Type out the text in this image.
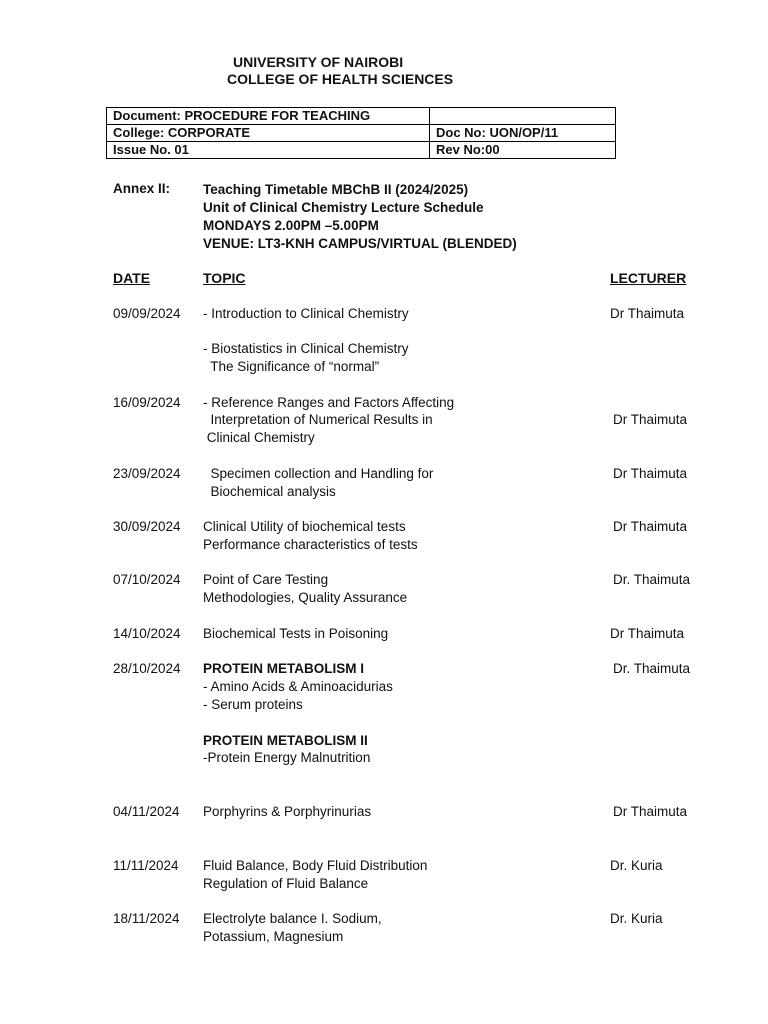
UNIVERSITY OF NAIROBI
COLLEGE OF HEALTH SCIENCES
Document: PROCEDURE FOR TEACHING	
College: CORPORATE	Doc No: UON/OP/11
Issue No. 01	Rev No:00
Annex II: Teaching Timetable MBChB II (2024/2025)
Unit of Clinical Chemistry Lecture Schedule
MONDAYS 2.00PM –5.00PM
VENUE: LT3-KNH CAMPUS/VIRTUAL (BLENDED)
DATE	TOPIC	LECTURER
09/09/2024 - Introduction to Clinical Chemistry	Dr Thaimuta
- Biostatistics in Clinical Chemistry
The Significance of “normal”
16/09/2024 - Reference Ranges and Factors Affecting
Interpretation of Numerical Results in
Clinical Chemistry
Dr Thaimuta
23/09/2024 Specimen collection and Handling for
Biochemical analysis
Dr Thaimuta
30/09/2024 Clinical Utility of biochemical tests
Performance characteristics of tests
Dr Thaimuta
07/10/2024 Point of Care Testing
Methodologies, Quality Assurance
Dr. Thaimuta
14/10/2024 Biochemical Tests in Poisoning	Dr Thaimuta
28/10/2024 PROTEIN METABOLISM I
- Amino Acids & Aminoacidurias
- Serum proteins
Dr. Thaimuta
PROTEIN METABOLISM II
-Protein Energy Malnutrition
04/11/2024 Porphyrins & Porphyrinurias	Dr Thaimuta
11/11/2024 Fluid Balance, Body Fluid Distribution
Regulation of Fluid Balance
Dr. Kuria
18/11/2024 Electrolyte balance I. Sodium,
Potassium, Magnesium
Dr. Kuria
